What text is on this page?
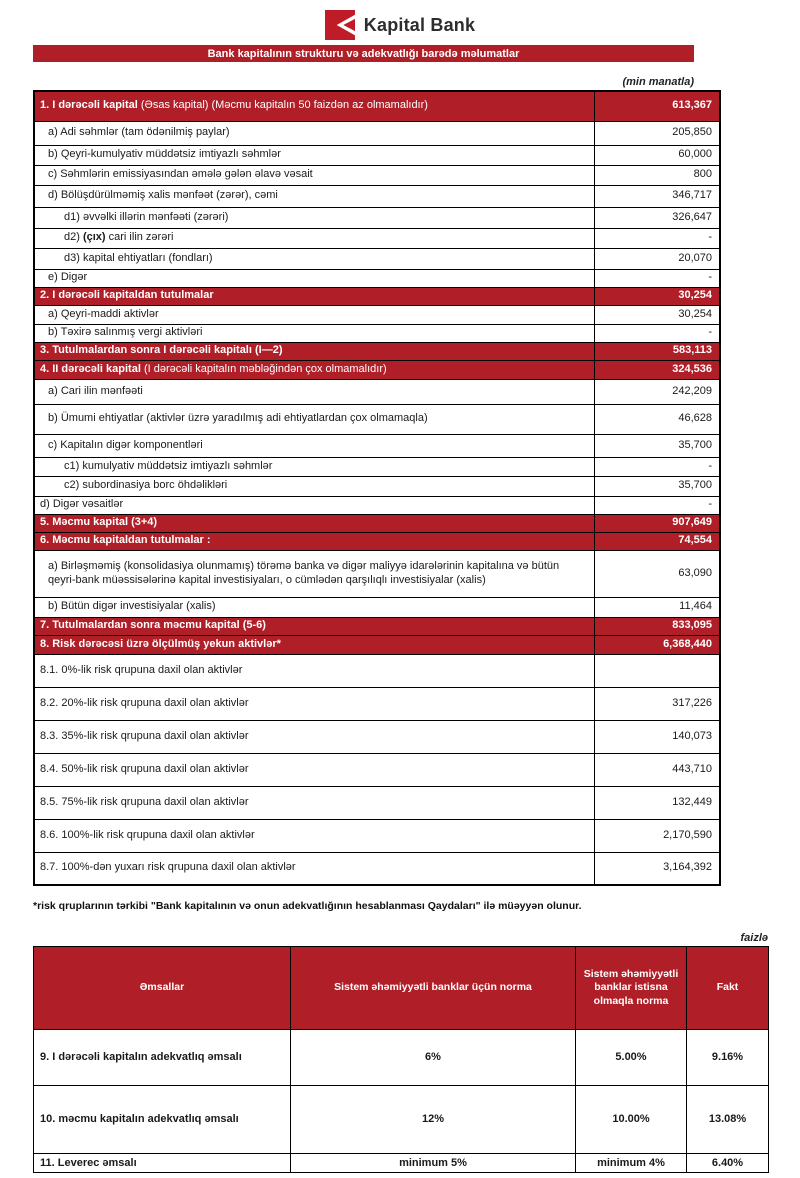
Kapital Bank
Bank kapitalının strukturu və adekvatlığı barədə məlumatlar
(min manatla)
1. I dərəcəli kapital (Əsas kapital) (Məcmu kapitalın 50 faizdən az olmamalıdır)	613,367
a) Adi səhmlər (tam ödənilmiş paylar)	205,850
b) Qeyri-kumulyativ müddətsiz imtiyazlı səhmlər	60,000
c) Səhmlərin emissiyasından əmələ gələn əlavə vəsait	800
d) Bölüşdürülməmiş xalis mənfəət (zərər), cəmi	346,717
d1) əvvəlki illərin mənfəəti (zərəri)	326,647
d2) (çıx) cari ilin zərəri	-
d3) kapital ehtiyatları (fondları)	20,070
e) Digər	-
2. I dərəcəli kapitaldan tutulmalar	30,254
a) Qeyri-maddi aktivlər	30,254
b) Təxirə salınmış vergi aktivləri	-
3. Tutulmalardan sonra I dərəcəli kapitalı (I—2)	583,113
4. II dərəcəli kapital (I dərəcəli kapitalın məbləğindən çox olmamalıdır)	324,536
a) Cari ilin mənfəəti	242,209
b) Ümumi ehtiyatlar (aktivlər üzrə yaradılmış adi ehtiyatlardan çox olmamaqla)	46,628
c) Kapitalın digər komponentləri	35,700
c1) kumulyativ müddətsiz imtiyazlı səhmlər	-
c2) subordinasiya borc öhdəlikləri	35,700
d) Digər vəsaitlər	-
5. Məcmu kapital (3+4)	907,649
6. Məcmu kapitaldan tutulmalar :	74,554
a) Birləşməmiş (konsolidasiya olunmamış) törəmə banka və digər maliyyə idarələrinin kapitalına və bütün qeyri-bank müəssisələrinə kapital investisiyaları, o cümlədən qarşılıqlı investisiyalar (xalis)	63,090
b) Bütün digər investisiyalar (xalis)	11,464
7. Tutulmalardan sonra məcmu kapital (5-6)	833,095
8. Risk dərəcəsi üzrə ölçülmüş yekun aktivlər*	6,368,440
8.1. 0%-lik risk qrupuna daxil olan aktivlər	
8.2. 20%-lik risk qrupuna daxil olan aktivlər	317,226
8.3. 35%-lik risk qrupuna daxil olan aktivlər	140,073
8.4. 50%-lik risk qrupuna daxil olan aktivlər	443,710
8.5. 75%-lik risk qrupuna daxil olan aktivlər	132,449
8.6. 100%-lik risk qrupuna daxil olan aktivlər	2,170,590
8.7. 100%-dən yuxarı risk qrupuna daxil olan aktivlər	3,164,392
*risk qruplarının tərkibi "Bank kapitalının və onun adekvatlığının hesablanması Qaydaları" ilə müəyyən olunur.
faizlə
Əmsallar	Sistem əhəmiyyətli banklar üçün norma	Sistem əhəmiyyətli banklar istisna olmaqla norma	Fakt
9. I dərəcəli kapitalın adekvatlıq əmsalı	6%	5.00%	9.16%
10. məcmu kapitalın adekvatlıq əmsalı	12%	10.00%	13.08%
11. Leverec əmsalı	minimum 5%	minimum 4%	6.40%
